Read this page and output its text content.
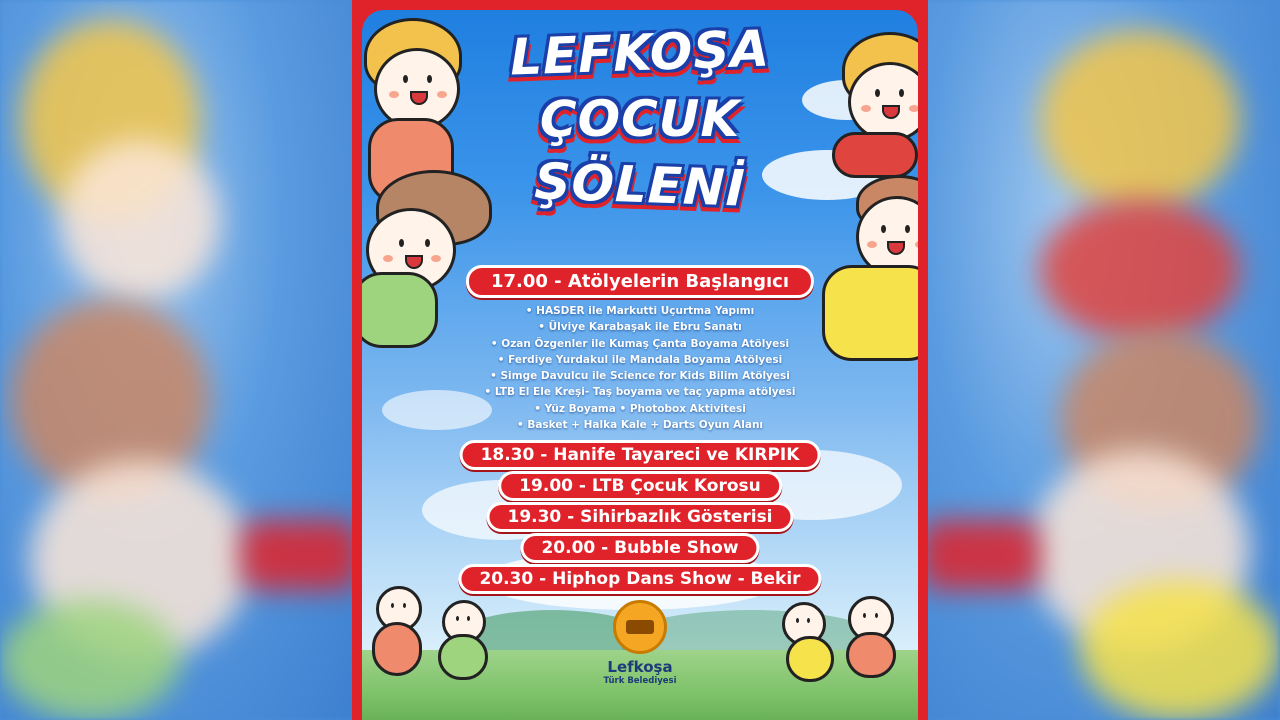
LEFKOŞA
ÇOCUK
ŞÖLENİ
17.00 - Atölyelerin Başlangıcı
• HASDER ile Markutti Uçurtma Yapımı
• Ülviye Karabaşak ile Ebru Sanatı
• Ozan Özgenler ile Kumaş Çanta Boyama Atölyesi
• Ferdiye Yurdakul ile Mandala Boyama Atölyesi
• Simge Davulcu ile Science for Kids Bilim Atölyesi
• LTB El Ele Kreşi- Taş boyama ve taç yapma atölyesi
• Yüz Boyama • Photobox Aktivitesi
• Basket + Halka Kale + Darts Oyun Alanı
18.30 - Hanife Tayareci ve KIRPIK
19.00 - LTB Çocuk Korosu
19.30 - Sihirbazlık Gösterisi
20.00 - Bubble Show
20.30 - Hiphop Dans Show - Bekir
Lefkoşa
Türk Belediyesi
